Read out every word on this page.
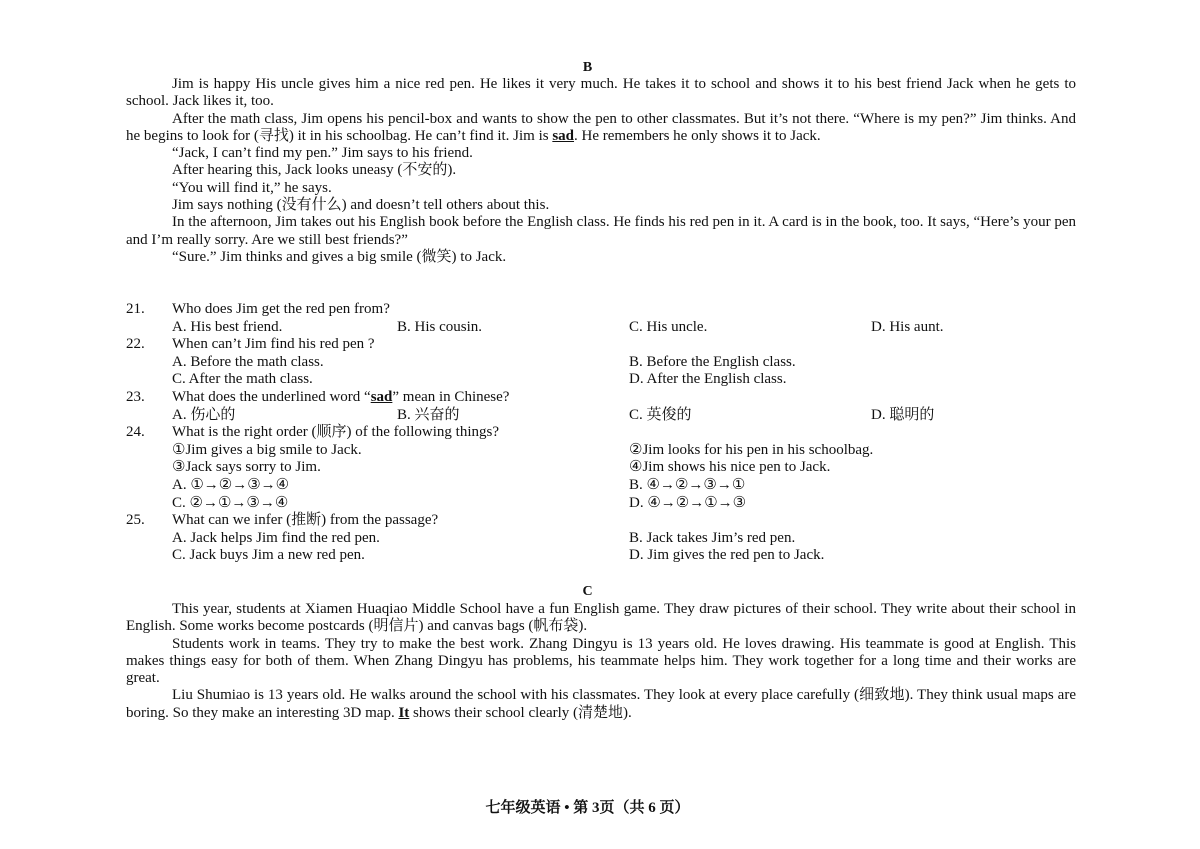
B

Jim is happy His uncle gives him a nice red pen. He likes it very much. He takes it to school and shows it to his best friend Jack when he gets to school. Jack likes it, too.

After the math class, Jim opens his pencil-box and wants to show the pen to other classmates. But it’s not there. “Where is my pen?” Jim thinks. And he begins to look for (寻找) it in his schoolbag. He can’t find it. Jim is sad. He remembers he only shows it to Jack.

“Jack, I can’t find my pen.” Jim says to his friend.

After hearing this, Jack looks uneasy (不安的).

“You will find it,” he says.

Jim says nothing (没有什么) and doesn’t tell others about this.

In the afternoon, Jim takes out his English book before the English class. He finds his red pen in it. A card is in the book, too. It says, “Here’s your pen and I’m really sorry. Are we still best friends?”

“Sure.” Jim thinks and gives a big smile (微笑) to Jack.

21. Who does Jim get the red pen from?
A. His best friend.	B. His cousin.	C. His uncle.	D. His aunt.
22. When can’t Jim find his red pen ?
A. Before the math class.	B. Before the English class.
C. After the math class.	D. After the English class.
23. What does the underlined word “sad” mean in Chinese?
A. 伤心的	B. 兴奋的	C. 英俊的	D. 聪明的
24. What is the right order (顺序) of the following things?
①Jim gives a big smile to Jack.	②Jim looks for his pen in his schoolbag.
③Jack says sorry to Jim.	④Jim shows his nice pen to Jack.
A. ①→②→③→④	B. ④→②→③→①
C. ②→①→③→④	D. ④→②→①→③
25. What can we infer (推断) from the passage?
A. Jack helps Jim find the red pen.	B. Jack takes Jim’s red pen.
C. Jack buys Jim a new red pen.	D. Jim gives the red pen to Jack.
C

This year, students at Xiamen Huaqiao Middle School have a fun English game. They draw pictures of their school. They write about their school in English. Some works become postcards (明信片) and canvas bags (帆布袋).

Students work in teams. They try to make the best work. Zhang Dingyu is 13 years old. He loves drawing. His teammate is good at English. This makes things easy for both of them. When Zhang Dingyu has problems, his teammate helps him. They work together for a long time and their works are great.

Liu Shumiao is 13 years old. He walks around the school with his classmates. They look at every place carefully (细致地). They think usual maps are boring. So they make an interesting 3D map. It shows their school clearly (清楚地).

七年级英语 • 第 3页（共 6 页）
